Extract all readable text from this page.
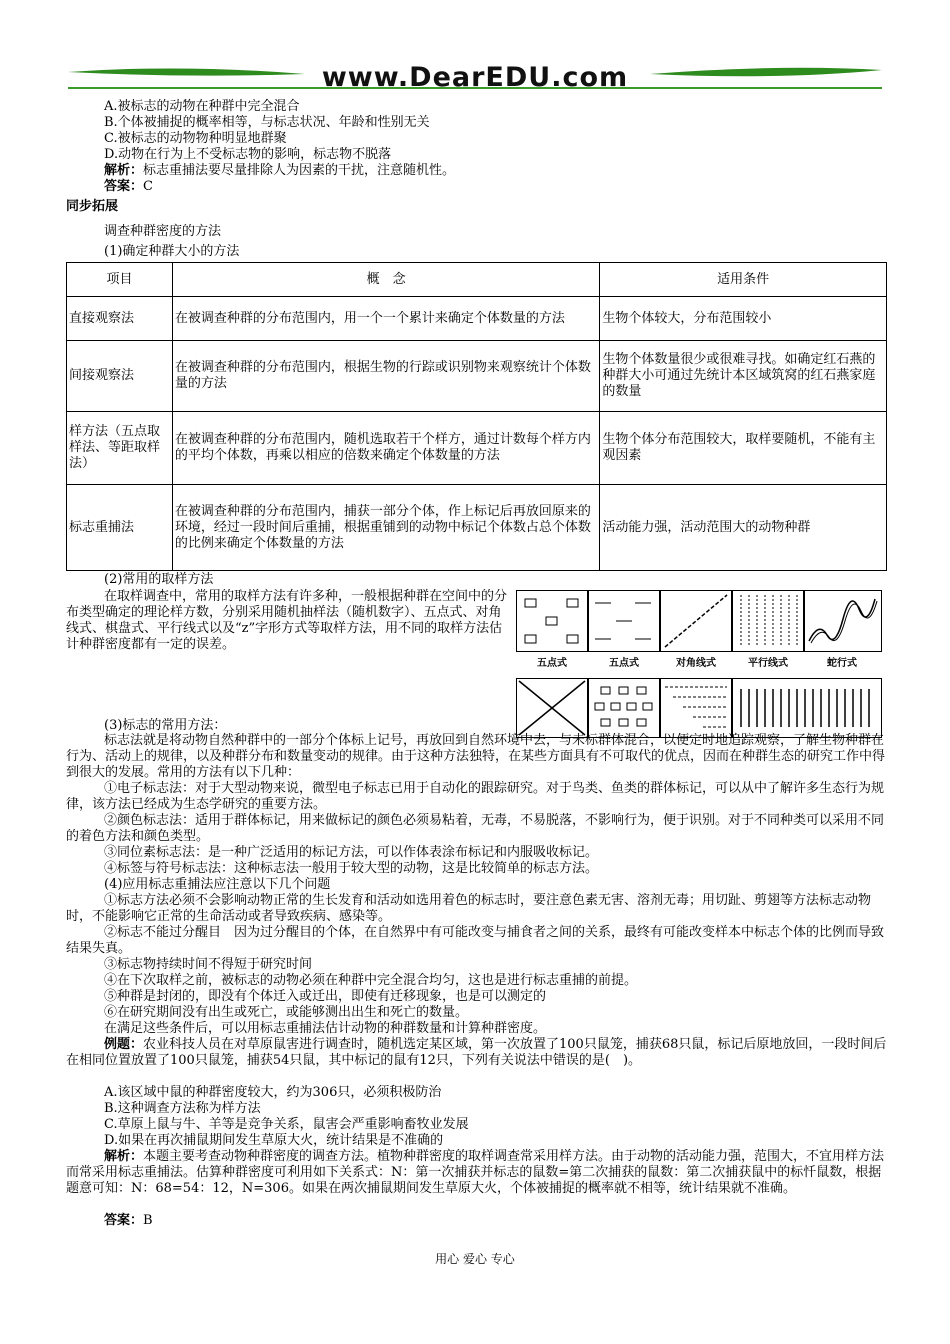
www.DearEDU.com
A.被标志的动物在种群中完全混合
B.个体被捕捉的概率相等，与标志状况、年龄和性别无关
C.被标志的动物物种明显地群聚
D.动物在行为上不受标志物的影响，标志物不脱落
解析：标志重捕法要尽量排除人为因素的干扰，注意随机性。
答案：C
同步拓展
调查种群密度的方法
(1)确定种群大小的方法
项目	概　念	适用条件
直接观察法	在被调查种群的分布范围内，用一个一个累计来确定个体数量的方法	生物个体较大，分布范围较小
间接观察法	在被调查种群的分布范围内，根据生物的行踪或识别物来观察统计个体数量的方法	生物个体数量很少或很难寻找。如确定红石燕的种群大小可通过先统计本区域筑窝的红石燕家庭的数量
样方法（五点取样法、等距取样法）	在被调查种群的分布范围内，随机选取若干个样方，通过计数每个样方内的平均个体数，再乘以相应的倍数来确定个体数量的方法	生物个体分布范围较大，取样要随机，不能有主观因素
标志重捕法	在被调查种群的分布范围内，捕获一部分个体，作上标记后再放回原来的环境，经过一段时间后重捕，根据重铺到的动物中标记个体数占总个体数的比例来确定个体数量的方法	活动能力强，活动范围大的动物种群
(2)常用的取样方法
在取样调查中，常用的取样方法有许多种，一般根据种群在空间中的分布类型确定的理论样方数，分别采用随机抽样法（随机数字）、五点式、对角线式、棋盘式、平行线式以及“z”字形方式等取样方法，用不同的取样方法估计种群密度都有一定的误差。
五点式	五点式	对角线式	平行线式	蛇行式
(3)标志的常用方法：
标志法就是将动物自然种群中的一部分个体标上记号，再放回到自然环境中去，与未标群体混合，以便定时地追踪观察，了解生物种群在行为、活动上的规律，以及种群分布和数量变动的规律。由于这种方法独特，在某些方面具有不可取代的优点，因而在种群生态的研究工作中得到很大的发展。常用的方法有以下几种：
①电子标志法：对于大型动物来说，微型电子标志已用于自动化的跟踪研究。对于鸟类、鱼类的群体标记，可以从中了解许多生态行为规律，该方法已经成为生态学研究的重要方法。
②颜色标志法：适用于群体标记，用来做标记的颜色必须易粘着，无毒，不易脱落，不影响行为，便于识别。对于不同种类可以采用不同的着色方法和颜色类型。
③同位素标志法：是一种广泛适用的标记方法，可以作体表涂布标记和内服吸收标记。
④标签与符号标志法：这种标志法一般用于较大型的动物，这是比较简单的标志方法。
(4)应用标志重捕法应注意以下几个问题
①标志方法必须不会影响动物正常的生长发育和活动如选用着色的标志时，要注意色素无害、溶剂无毒；用切趾、剪翅等方法标志动物时，不能影响它正常的生命活动或者导致疾病、感染等。
②标志不能过分醒目　因为过分醒目的个体，在自然界中有可能改变与捕食者之间的关系，最终有可能改变样本中标志个体的比例而导致结果失真。
③标志物持续时间不得短于研究时间
④在下次取样之前，被标志的动物必须在种群中完全混合均匀，这也是进行标志重捕的前提。
⑤种群是封闭的，即没有个体迁入或迁出，即使有迁移现象，也是可以测定的
⑥在研究期间没有出生或死亡，或能够测出出生和死亡的数量。
在满足这些条件后，可以用标志重捕法估计动物的种群数量和计算种群密度。
例题：农业科技人员在对草原鼠害进行调查时，随机选定某区域，第一次放置了100只鼠笼，捕获68只鼠，标记后原地放回，一段时间后在相同位置放置了100只鼠笼，捕获54只鼠，其中标记的鼠有12只，下列有关说法中错误的是(　)。
A.该区域中鼠的种群密度较大，约为306只，必须积极防治
B.这种调查方法称为样方法
C.草原上鼠与牛、羊等是竞争关系，鼠害会严重影响畜牧业发展
D.如果在再次捕鼠期间发生草原大火，统计结果是不准确的
解析：本题主要考查动物种群密度的调查方法。植物种群密度的取样调查常采用样方法。由于动物的活动能力强，范围大，不宜用样方法而常采用标志重捕法。估算种群密度可利用如下关系式：N：第一次捕获并标志的鼠数=第二次捕获的鼠数：第二次捕获鼠中的标忏鼠数，根据题意可知：N：68=54：12，N=306。如果在两次捕鼠期间发生草原大火，个体被捕捉的概率就不相等，统计结果就不准确。
答案：B
用心 爱心 专心
